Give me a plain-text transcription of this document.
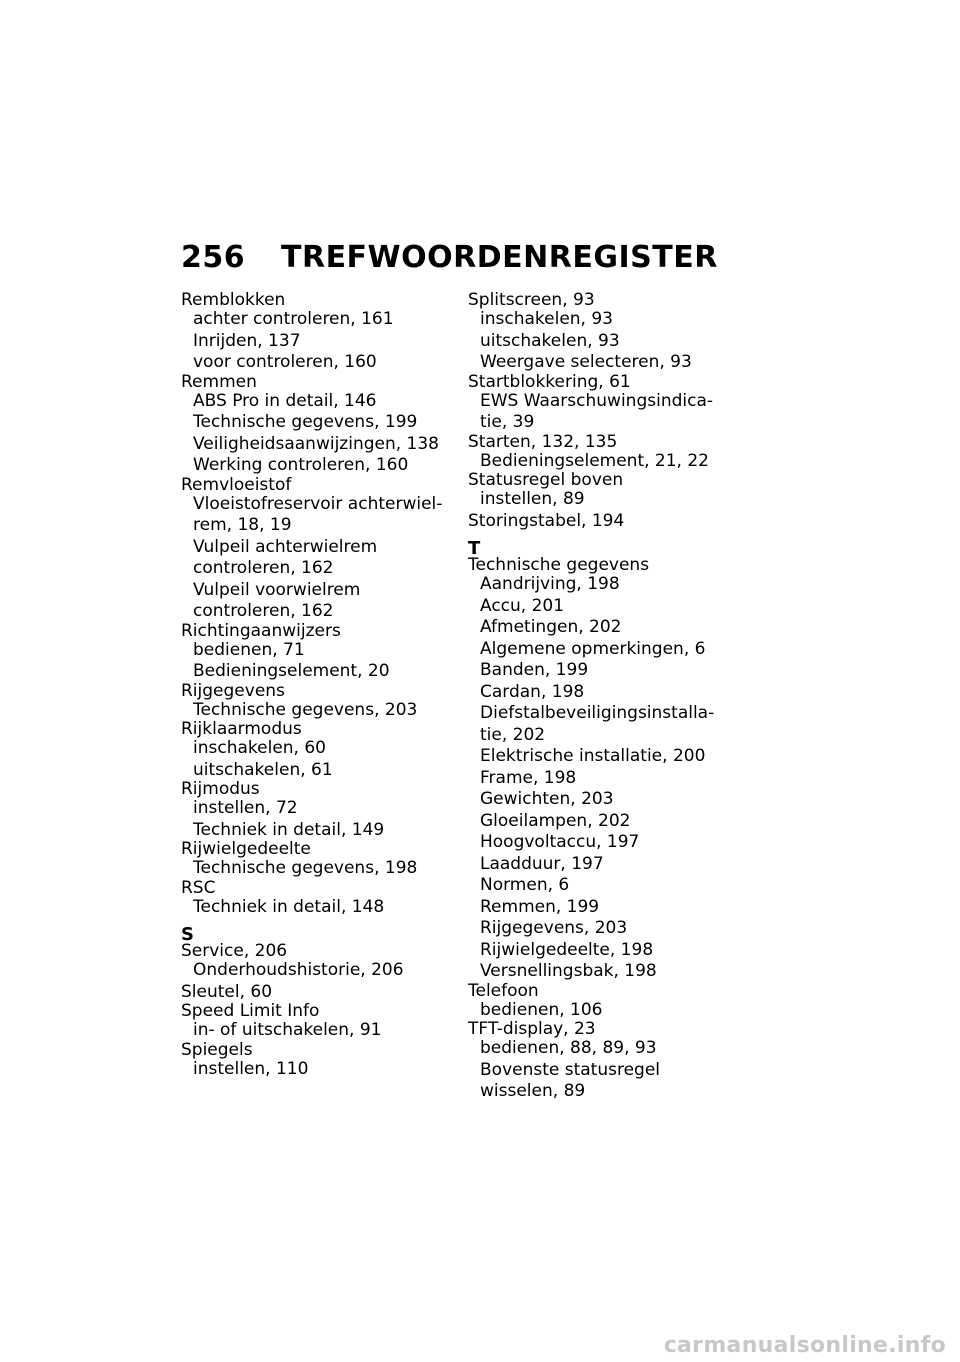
256	TREFWOORDENREGISTER
Remblokken
achter controleren, 161
Inrijden, 137
voor controleren, 160
Remmen
ABS Pro in detail, 146
Technische gegevens, 199
Veiligheidsaanwijzingen, 138
Werking controleren, 160
Remvloeistof
Vloeistofreservoir achterwiel-
rem, 18, 19
Vulpeil achterwielrem
controleren, 162
Vulpeil voorwielrem
controleren, 162
Richtingaanwijzers
bedienen, 71
Bedieningselement, 20
Rijgegevens
Technische gegevens, 203
Rijklaarmodus
inschakelen, 60
uitschakelen, 61
Rijmodus
instellen, 72
Techniek in detail, 149
Rijwielgedeelte
Technische gegevens, 198
RSC
Techniek in detail, 148
S
Service, 206
Onderhoudshistorie, 206
Sleutel, 60
Speed Limit Info
in- of uitschakelen, 91
Spiegels
instellen, 110
Splitscreen, 93
inschakelen, 93
uitschakelen, 93
Weergave selecteren, 93
Startblokkering, 61
EWS Waarschuwingsindica-
tie, 39
Starten, 132, 135
Bedieningselement, 21, 22
Statusregel boven
instellen, 89
Storingstabel, 194
T
Technische gegevens
Aandrijving, 198
Accu, 201
Afmetingen, 202
Algemene opmerkingen, 6
Banden, 199
Cardan, 198
Diefstalbeveiligingsinstalla-
tie, 202
Elektrische installatie, 200
Frame, 198
Gewichten, 203
Gloeilampen, 202
Hoogvoltaccu, 197
Laadduur, 197
Normen, 6
Remmen, 199
Rijgegevens, 203
Rijwielgedeelte, 198
Versnellingsbak, 198
Telefoon
bedienen, 106
TFT-display, 23
bedienen, 88, 89, 93
Bovenste statusregel
wisselen, 89
carmanualsonline.info
